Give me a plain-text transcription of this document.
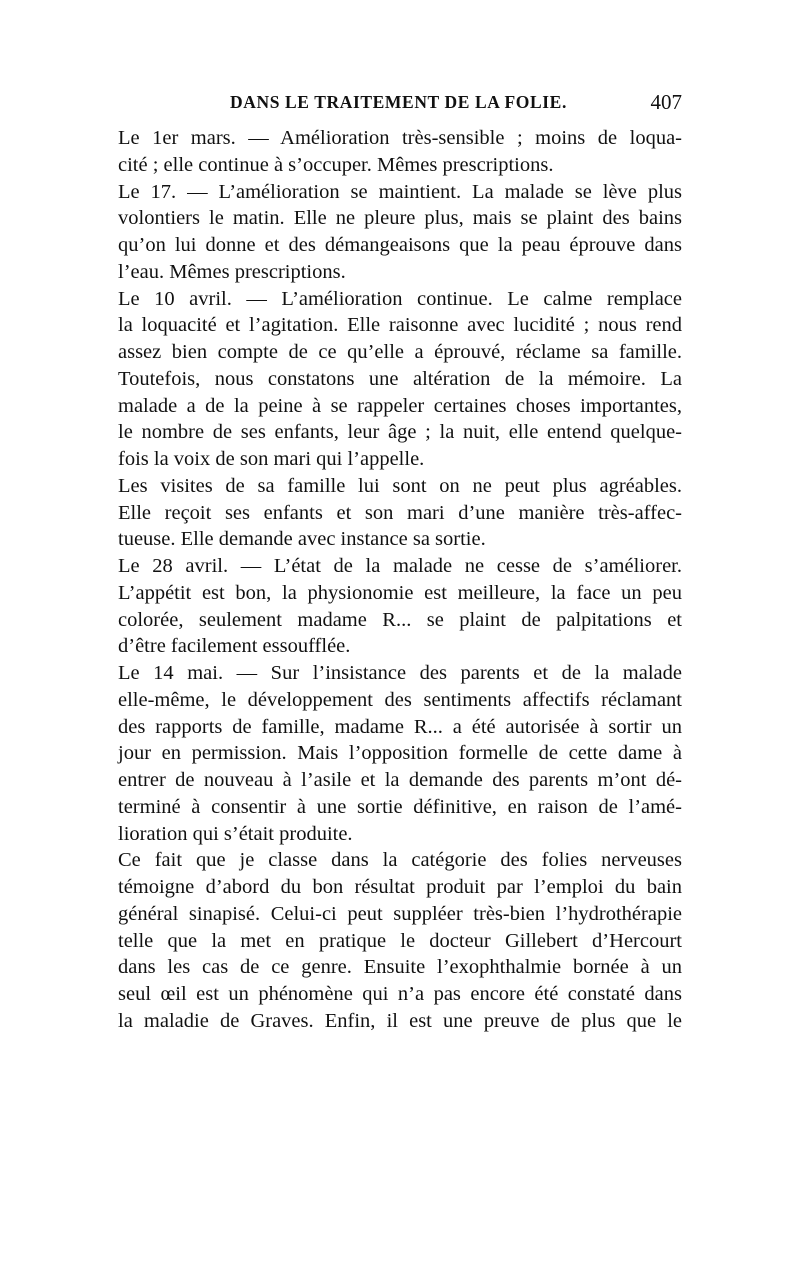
DANS LE TRAITEMENT DE LA FOLIE.	407

Le 1er mars. — Amélioration très-sensible ; moins de loqua-
cité ; elle continue à s’occuper. Mêmes prescriptions.

Le 17. — L’amélioration se maintient. La malade se lève plus
volontiers le matin. Elle ne pleure plus, mais se plaint des bains
qu’on lui donne et des démangeaisons que la peau éprouve dans
l’eau. Mêmes prescriptions.

Le 10 avril. — L’amélioration continue. Le calme remplace
la loquacité et l’agitation. Elle raisonne avec lucidité ; nous rend
assez bien compte de ce qu’elle a éprouvé, réclame sa famille.
Toutefois, nous constatons une altération de la mémoire. La
malade a de la peine à se rappeler certaines choses importantes,
le nombre de ses enfants, leur âge ; la nuit, elle entend quelque-
fois la voix de son mari qui l’appelle.

Les visites de sa famille lui sont on ne peut plus agréables.
Elle reçoit ses enfants et son mari d’une manière très-affec-
tueuse. Elle demande avec instance sa sortie.

Le 28 avril. — L’état de la malade ne cesse de s’améliorer.
L’appétit est bon, la physionomie est meilleure, la face un peu
colorée, seulement madame R... se plaint de palpitations et
d’être facilement essoufflée.

Le 14 mai. — Sur l’insistance des parents et de la malade
elle-même, le développement des sentiments affectifs réclamant
des rapports de famille, madame R... a été autorisée à sortir un
jour en permission. Mais l’opposition formelle de cette dame à
entrer de nouveau à l’asile et la demande des parents m’ont dé-
terminé à consentir à une sortie définitive, en raison de l’amé-
lioration qui s’était produite.

Ce fait que je classe dans la catégorie des folies nerveuses
témoigne d’abord du bon résultat produit par l’emploi du bain
général sinapisé. Celui-ci peut suppléer très-bien l’hydrothérapie
telle que la met en pratique le docteur Gillebert d’Hercourt
dans les cas de ce genre. Ensuite l’exophthalmie bornée à un
seul œil est un phénomène qui n’a pas encore été constaté dans
la maladie de Graves. Enfin, il est une preuve de plus que le
